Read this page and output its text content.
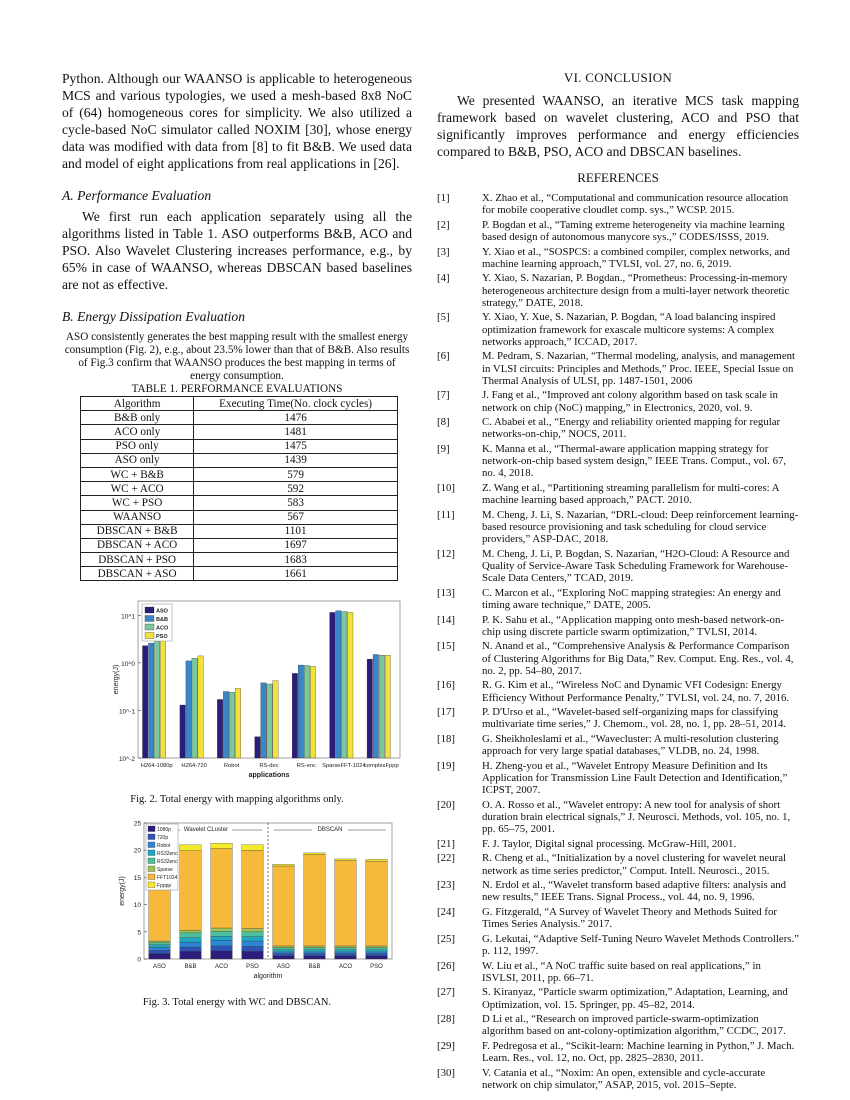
Python. Although our WAANSO is applicable to heterogeneous MCS and various typologies, we used a mesh-based 8x8 NoC of (64) homogeneous cores for simplicity. We also utilized a cycle-based NoC simulator called NOXIM [30], whose energy data was modified with data from [8] to fit B&B. We used data and model of eight applications from real applications in [26].

A. Performance Evaluation

We first run each application separately using all the algorithms listed in Table 1. ASO outperforms B&B, ACO and PSO. Also Wavelet Clustering increases performance, e.g., by 65% in case of WAANSO, whereas DBSCAN based baselines are not as effective.

B. Energy Dissipation Evaluation

ASO consistently generates the best mapping result with the smallest energy consumption (Fig. 2), e.g., about 23.5% lower than that of B&B. Also results of Fig.3 confirm that WAANSO produces the best mapping in terms of energy consumption.

TABLE 1. PERFORMANCE EVALUATIONS

Algorithm	Executing Time(No. clock cycles)
B&B only	1476
ACO only	1481
PSO only	1475
ASO only	1439
WC + B&B	579
WC + ACO	592
WC + PSO	583
WAANSO	567
DBSCAN + B&B	1101
DBSCAN + ACO	1697
DBSCAN + PSO	1683
DBSCAN + ASO	1661
10^-2
10^-1
10^0
10^1
H264-1080p H264-720	Robot	RS-dec	RS-enc SparseFFT-1024
complexFppp
applications
energy(J)
ASO
B&B
ACO
PSO

Fig. 2. Total energy with mapping algorithms only.

0
5
10
15
20
25
ASO	B&B	ACO	PSO	ASO	B&B	ACO	PSO
Wavelet CLuster	DBSCAN
algorithm
energy(J)
1080p
720p
Robot
RS32enc
RS32enc
Sparse
FFT1024
Fpppp

Fig. 3. Total energy with WC and DBSCAN.

VI. CONCLUSION

We presented WAANSO, an iterative MCS task mapping framework based on wavelet clustering, ACO and PSO that significantly improves performance and energy efficiencies compared to B&B, PSO, ACO and DBSCAN baselines.

REFERENCES

[1]	X. Zhao et al., “Computational and communication resource allocation for mobile cooperative cloudlet comp. sys.,” WCSP. 2015.
[2]	P. Bogdan et al., “Taming extreme heterogeneity via machine learning based design of autonomous manycore sys.,” CODES/ISSS, 2019.
[3]	Y. Xiao et al., “SOSPCS: a combined compiler, complex networks, and machine learning approach,” TVLSI, vol. 27, no. 6, 2019.
[4]	Y. Xiao, S. Nazarian, P. Bogdan., “Prometheus: Processing-in-memory heterogeneous architecture design from a multi-layer network theoretic strategy,” DATE, 2018.
[5]	Y. Xiao, Y. Xue, S. Nazarian, P. Bogdan, “A load balancing inspired optimization framework for exascale multicore systems: A complex networks approach,” ICCAD, 2017.
[6]	M. Pedram, S. Nazarian, “Thermal modeling, analysis, and management in VLSI circuits: Principles and Methods,” Proc. IEEE, Special Issue on Thermal Analysis of ULSI, pp. 1487-1501, 2006
[7]	J. Fang et al., “Improved ant colony algorithm based on task scale in network on chip (NoC) mapping,” in Electronics, 2020, vol. 9.
[8]	C. Ababei et al., “Energy and reliability oriented mapping for regular networks-on-chip,” NOCS, 2011.
[9]	K. Manna et al., “Thermal-aware application mapping strategy for network-on-chip based system design,” IEEE Trans. Comput., vol. 67, no. 4, 2018.
[10]	Z. Wang et al., “Partitioning streaming parallelism for multi-cores: A machine learning based approach,” PACT. 2010.
[11]	M. Cheng, J. Li, S. Nazarian, “DRL-cloud: Deep reinforcement learning-based resource provisioning and task scheduling for cloud service providers,” ASP-DAC, 2018.
[12]	M. Cheng, J. Li, P. Bogdan, S. Nazarian, “H2O-Cloud: A Resource and Quality of Service-Aware Task Scheduling Framework for Warehouse-Scale Data Centers,” TCAD, 2019.
[13]	C. Marcon et al., “Exploring NoC mapping strategies: An energy and timing aware technique,” DATE, 2005.
[14]	P. K. Sahu et al., “Application mapping onto mesh-based network-on-chip using discrete particle swarm optimization,” TVLSI, 2014.
[15]	N. Anand et al., “Comprehensive Analysis & Performance Comparison of Clustering Algorithms for Big Data,” Rev. Comput. Eng. Res., vol. 4, no. 2, pp. 54–80, 2017.
[16]	R. G. Kim et al., “Wireless NoC and Dynamic VFI Codesign: Energy Efficiency Without Performance Penalty,” TVLSI, vol. 24, no. 7, 2016.
[17]	P. D'Urso et al., “Wavelet-based self-organizing maps for classifying multivariate time series,” J. Chemom., vol. 28, no. 1, pp. 28–51, 2014.
[18]	G. Sheikholeslami et al., “Wavecluster: A multi-resolution clustering approach for very large spatial databases,” VLDB, no. 24, 1998.
[19]	H. Zheng-you et al., “Wavelet Entropy Measure Definition and Its Application for Transmission Line Fault Detection and Identification,” ICPST, 2007.
[20]	O. A. Rosso et al., “Wavelet entropy: A new tool for analysis of short duration brain electrical signals,” J. Neurosci. Methods, vol. 105, no. 1, pp. 65–75, 2001.
[21]	F. J. Taylor, Digital signal processing. McGraw-Hill, 2001.
[22]	R. Cheng et al., “Initialization by a novel clustering for wavelet neural network as time series predictor,” Comput. Intell. Neurosci., 2015.
[23]	N. Erdol et al., “Wavelet transform based adaptive filters: analysis and new results,” IEEE Trans. Signal Process., vol. 44, no. 9, 1996.
[24]	G. Fitzgerald, “A Survey of Wavelet Theory and Methods Suited for Times Series Analysis.” 2017.
[25]	G. Lekutai, “Adaptive Self-Tuning Neuro Wavelet Methods Controllers.” p. 112, 1997.
[26]	W. Liu et al., “A NoC traffic suite based on real applications,” in ISVLSI, 2011, pp. 66–71.
[27]	S. Kiranyaz, “Particle swarm optimization,” Adaptation, Learning, and Optimization, vol. 15. Springer, pp. 45–82, 2014.
[28]	D Li et al., “Research on improved particle-swarm-optimization algorithm based on ant-colony-optimization algorithm,” CCDC, 2017.
[29]	F. Pedregosa et al., “Scikit-learn: Machine learning in Python,” J. Mach. Learn. Res., vol. 12, no. Oct, pp. 2825–2830, 2011.
[30]	V. Catania et al., “Noxim: An open, extensible and cycle-accurate network on chip simulator,” ASAP, 2015, vol. 2015–Septe.
